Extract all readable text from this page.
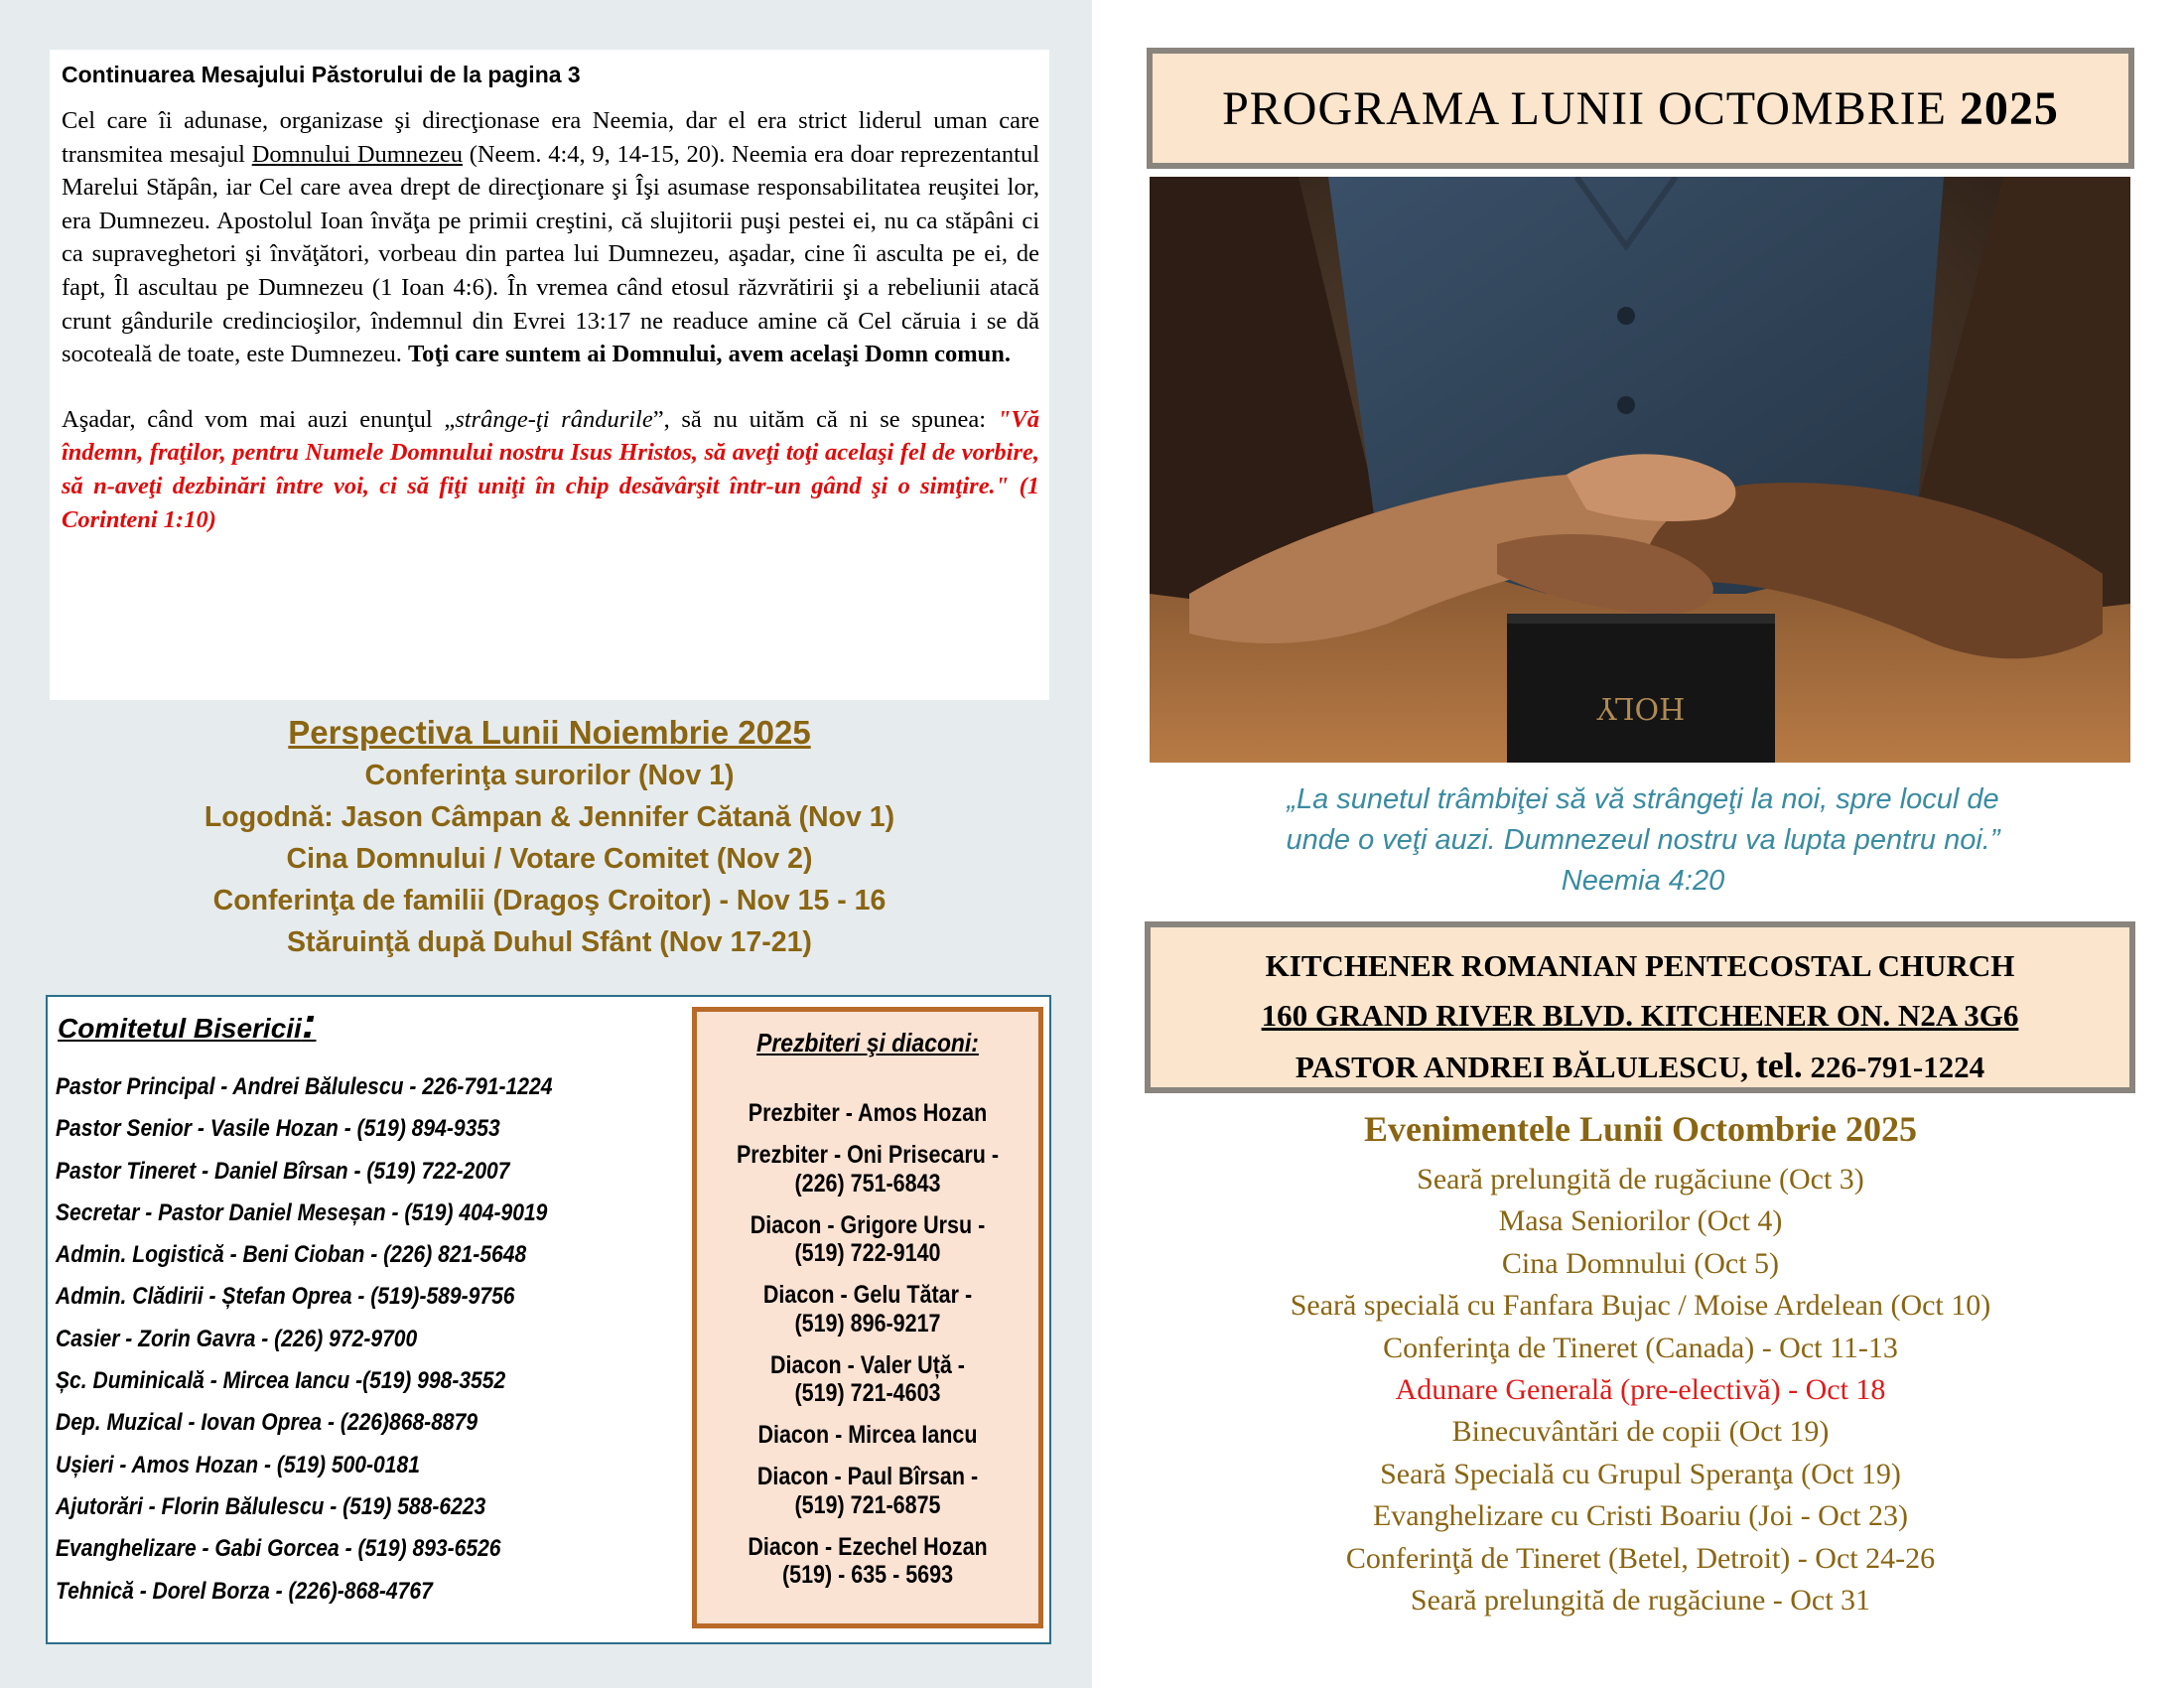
Continuarea Mesajului Păstorului de la pagina 3

Cel care îi adunase, organizase şi direcţionase era Neemia, dar el era strict liderul uman care transmitea mesajul Domnului Dumnezeu (Neem. 4:4, 9, 14-15, 20). Neemia era doar reprezentantul Marelui Stăpân, iar Cel care avea drept de direcţionare şi Îşi asumase responsabilitatea reuşitei lor, era Dumnezeu. Apostolul Ioan învăţa pe primii creştini, că slujitorii puşi pestei ei, nu ca stăpâni ci ca supraveghetori şi învăţători, vorbeau din partea lui Dumnezeu, aşadar, cine îi asculta pe ei, de fapt, Îl ascultau pe Dumnezeu (1 Ioan 4:6). În vremea când etosul răzvrătirii şi a rebeliunii atacă crunt gândurile credincioşilor, îndemnul din Evrei 13:17 ne readuce amine că Cel căruia i se dă socoteală de toate, este Dumnezeu. Toţi care suntem ai Domnului, avem acelaşi Domn comun.

Aşadar, când vom mai auzi enunţul „strânge-ţi rândurile”, să nu uităm că ni se spunea: "Vă îndemn, fraţilor, pentru Numele Domnului nostru Isus Hristos, să aveţi toţi acelaşi fel de vorbire, să n-aveţi dezbinări între voi, ci să fiţi uniţi în chip desăvârşit într-un gând şi o simţire." (1 Corinteni 1:10)

Perspectiva Lunii Noiembrie 2025
Conferinţa surorilor (Nov 1)
Logodnă: Jason Câmpan & Jennifer Cătană (Nov 1)
Cina Domnului / Votare Comitet (Nov 2)
Conferinţa de familii (Dragoş Croitor) - Nov 15 - 16
Stăruinţă după Duhul Sfânt (Nov 17-21)
Comitetul Bisericii:
Pastor Principal - Andrei Bălulescu - 226-791-1224
Pastor Senior - Vasile Hozan - (519) 894-9353
Pastor Tineret - Daniel Bîrsan - (519) 722-2007
Secretar - Pastor Daniel Meseșan - (519) 404-9019
Admin. Logistică - Beni Cioban - (226) 821-5648
Admin. Clădirii - Ștefan Oprea - (519)-589-9756
Casier - Zorin Gavra - (226) 972-9700
Șc. Duminicală - Mircea Iancu -(519) 998-3552
Dep. Muzical - Iovan Oprea - (226)868-8879
Ușieri - Amos Hozan - (519) 500-0181
Ajutorări - Florin Bălulescu - (519) 588-6223
Evanghelizare - Gabi Gorcea - (519) 893-6526
Tehnică - Dorel Borza - (226)-868-4767
Prezbiteri şi diaconi:
Prezbiter - Amos Hozan
Prezbiter - Oni Prisecaru -
(226) 751-6843
Diacon - Grigore Ursu -
(519) 722-9140
Diacon - Gelu Tătar -
(519) 896-9217
Diacon - Valer Uță -
(519) 721-4603
Diacon - Mircea Iancu
Diacon - Paul Bîrsan -
(519) 721-6875
Diacon - Ezechel Hozan
(519) - 635 - 5693
PROGRAMA LUNII OCTOMBRIE 2025
HOLY
„La sunetul trâmbiţei să vă strângeţi la noi, spre locul de
unde o veţi auzi. Dumnezeul nostru va lupta pentru noi.”
Neemia 4:20
KITCHENER ROMANIAN PENTECOSTAL CHURCH
160 GRAND RIVER BLVD. KITCHENER ON. N2A 3G6
PASTOR ANDREI BĂLULESCU, tel. 226-791-1224
Evenimentele Lunii Octombrie 2025
Seară prelungită de rugăciune (Oct 3)
Masa Seniorilor (Oct 4)
Cina Domnului (Oct 5)
Seară specială cu Fanfara Bujac / Moise Ardelean (Oct 10)
Conferinţa de Tineret (Canada) - Oct 11-13
Adunare Generală (pre-electivă) - Oct 18
Binecuvântări de copii (Oct 19)
Seară Specială cu Grupul Speranţa (Oct 19)
Evanghelizare cu Cristi Boariu (Joi - Oct 23)
Conferinţă de Tineret (Betel, Detroit) - Oct 24-26
Seară prelungită de rugăciune - Oct 31
